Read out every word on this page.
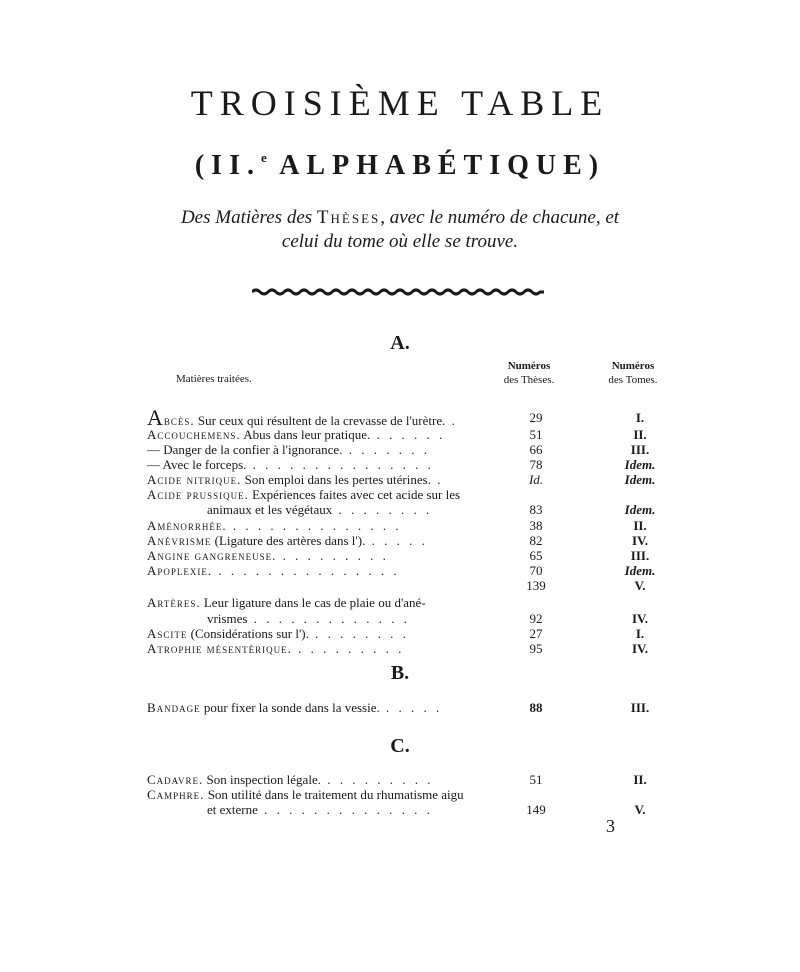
TROISIÈME TABLE
(II.$^e$ ALPHABÉTIQUE)
Des Matières des Thèses, avec le numéro de chacune, et
celui du tome où elle se trouve.
A.
Matières traitées.
Numéros
des Thèses.
Numéros
des Tomes.
Abcès. Sur ceux qui résultent de la crevasse de l'urètre. .	29	I.
Accouchemens. Abus dans leur pratique. . . . . . .	51	II.
— Danger de la confier à l'ignorance. . . . . . . .	66	III.
— Avec le forceps. . . . . . . . . . . . . . . .	78	Idem.
Acide nitrique. Son emploi dans les pertes utérines. .	Id.	Idem.
Acide prussique. Expériences faites avec cet acide sur les
animaux et les végétaux . . . . . . . .	83	Idem.
Aménorrhée. . . . . . . . . . . . . . .	38	II.
Anévrisme (Ligature des artères dans l'). . . . . .	82	IV.
Angine gangreneuse. . . . . . . . . .	65	III.
Apoplexie. . . . . . . . . . . . . . . .	70	Idem.
139	V.
Artères. Leur ligature dans le cas de plaie ou d'ané-
vrismes . . . . . . . . . . . . .	92	IV.
Ascite (Considérations sur l'). . . . . . . . .	27	I.
Atrophie mésentérique. . . . . . . . . .	95	IV.
B.
Bandage pour fixer la sonde dans la vessie. . . . . .	88	III.
C.
Cadavre. Son inspection légale. . . . . . . . . .	51	II.
Camphre. Son utilité dans le traitement du rhumatisme aigu
et externe . . . . . . . . . . . . . .	149	V.
3
